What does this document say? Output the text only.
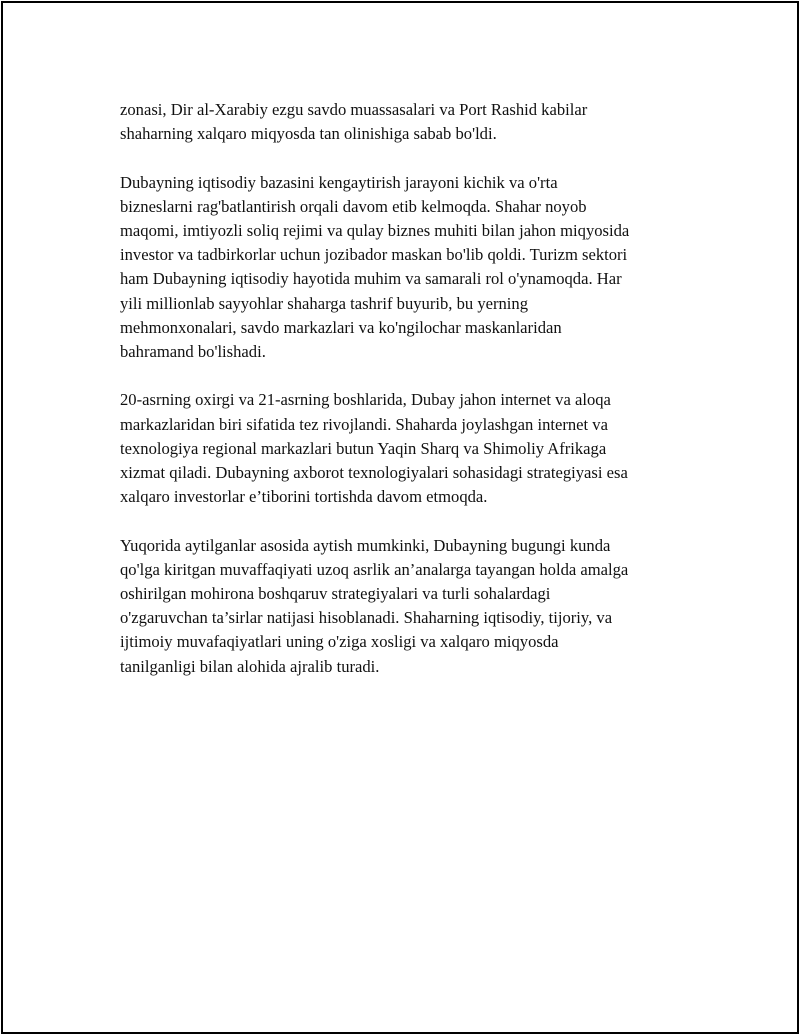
zonasi, Dir al-Xarabiy ezgu savdo muassasalari va Port Rashid kabilar
shaharning xalqaro miqyosda tan olinishiga sabab bo'ldi.

Dubayning iqtisodiy bazasini kengaytirish jarayoni kichik va o'rta
bizneslarni rag'batlantirish orqali davom etib kelmoqda. Shahar noyob
maqomi, imtiyozli soliq rejimi va qulay biznes muhiti bilan jahon miqyosida
investor va tadbirkorlar uchun jozibador maskan bo'lib qoldi. Turizm sektori
ham Dubayning iqtisodiy hayotida muhim va samarali rol o'ynamoqda. Har
yili millionlab sayyohlar shaharga tashrif buyurib, bu yerning
mehmonxonalari, savdo markazlari va ko'ngilochar maskanlaridan
bahramand bo'lishadi.

20-asrning oxirgi va 21-asrning boshlarida, Dubay jahon internet va aloqa
markazlaridan biri sifatida tez rivojlandi. Shaharda joylashgan internet va
texnologiya regional markazlari butun Yaqin Sharq va Shimoliy Afrikaga
xizmat qiladi. Dubayning axborot texnologiyalari sohasidagi strategiyasi esa
xalqaro investorlar e’tiborini tortishda davom etmoqda.

Yuqorida aytilganlar asosida aytish mumkinki, Dubayning bugungi kunda
qo'lga kiritgan muvaffaqiyati uzoq asrlik an’analarga tayangan holda amalga
oshirilgan mohirona boshqaruv strategiyalari va turli sohalardagi
o'zgaruvchan ta’sirlar natijasi hisoblanadi. Shaharning iqtisodiy, tijoriy, va
ijtimoiy muvafaqiyatlari uning o'ziga xosligi va xalqaro miqyosda
tanilganligi bilan alohida ajralib turadi.
